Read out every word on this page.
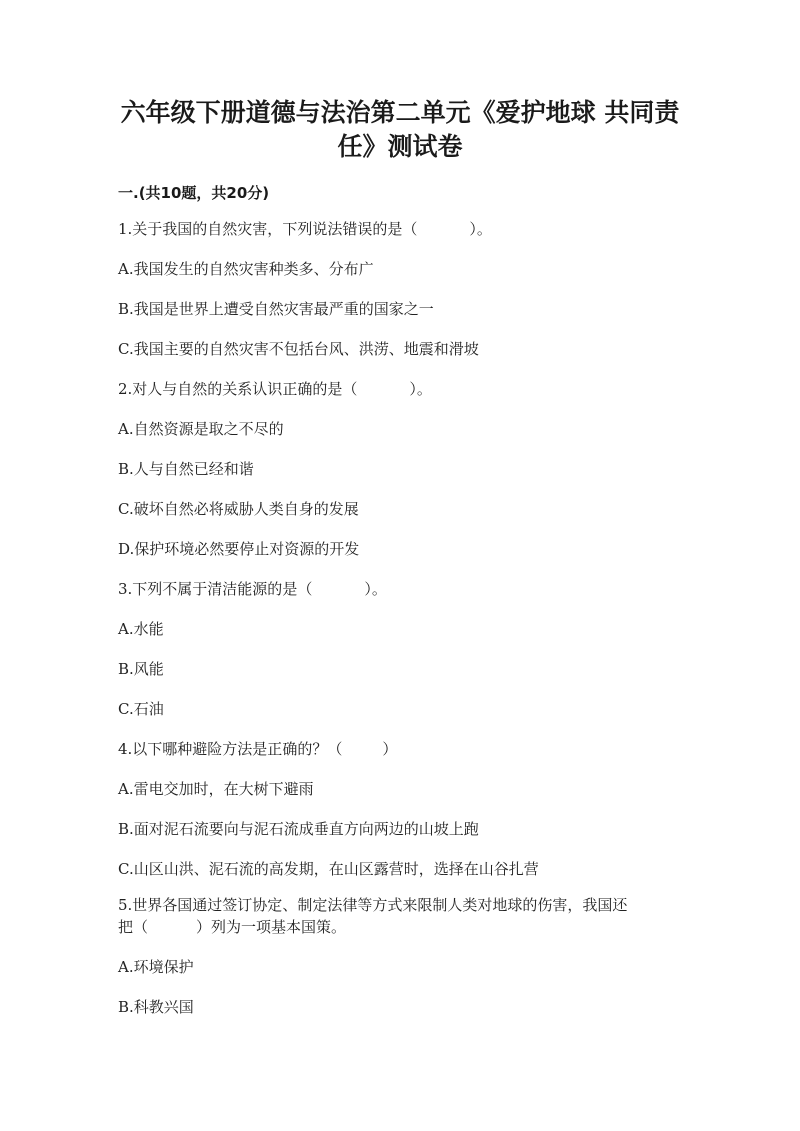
六年级下册道德与法治第二单元《爱护地球 共同责任》测试卷
一.(共10题，共20分)

1.关于我国的自然灾害，下列说法错误的是（	）。

A.我国发生的自然灾害种类多、分布广

B.我国是世界上遭受自然灾害最严重的国家之一

C.我国主要的自然灾害不包括台风、洪涝、地震和滑坡

2.对人与自然的关系认识正确的是（	）。

A.自然资源是取之不尽的

B.人与自然已经和谐

C.破坏自然必将威胁人类自身的发展

D.保护环境必然要停止对资源的开发

3.下列不属于清洁能源的是（	）。

A.水能

B.风能

C.石油

4.以下哪种避险方法是正确的？（	）

A.雷电交加时，在大树下避雨

B.面对泥石流要向与泥石流成垂直方向两边的山坡上跑

C.山区山洪、泥石流的高发期，在山区露营时，选择在山谷扎营

5.世界各国通过签订协定、制定法律等方式来限制人类对地球的伤害，我国还

把（	）列为一项基本国策。

A.环境保护

B.科教兴国
